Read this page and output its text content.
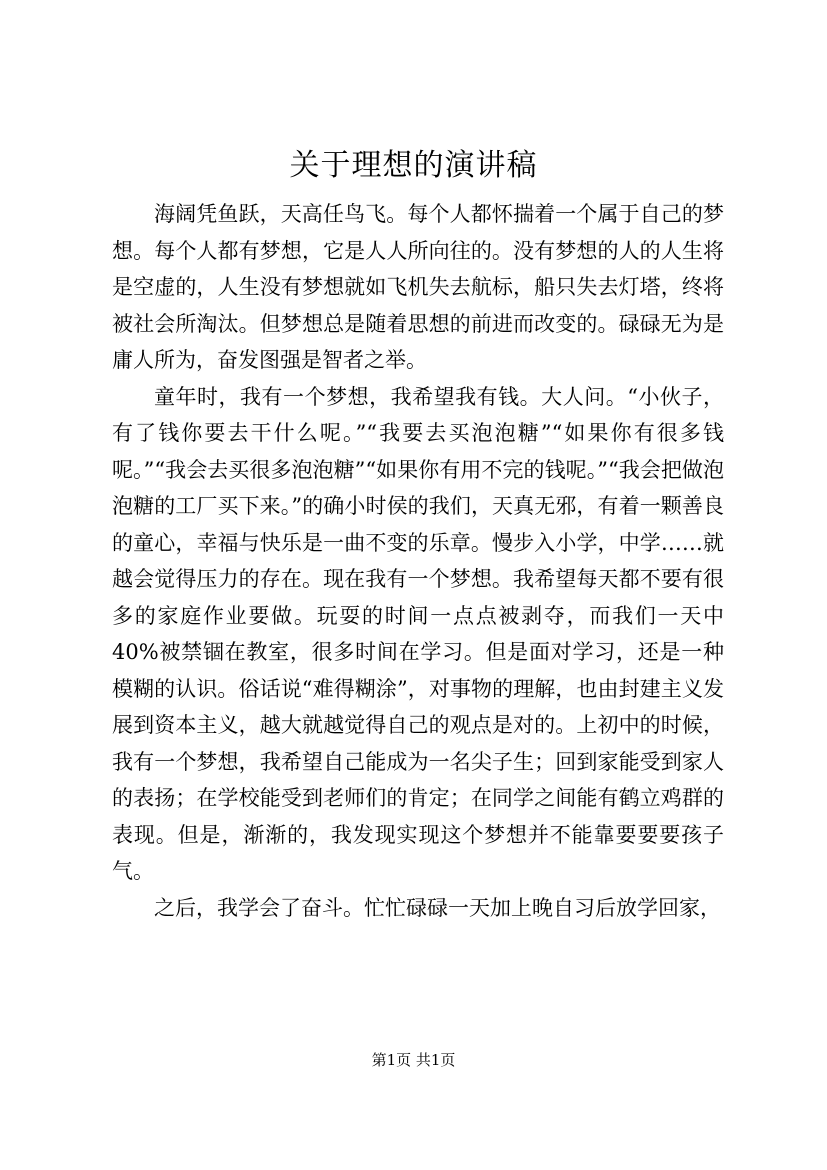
关于理想的演讲稿

海阔凭鱼跃，天高任鸟飞。每个人都怀揣着一个属于自己的梦想。每个人都有梦想，它是人人所向往的。没有梦想的人的人生将是空虚的，人生没有梦想就如飞机失去航标，船只失去灯塔，终将被社会所淘汰。但梦想总是随着思想的前进而改变的。碌碌无为是庸人所为，奋发图强是智者之举。

童年时，我有一个梦想，我希望我有钱。大人问。“小伙子，有了钱你要去干什么呢。”“我要去买泡泡糖”“如果你有很多钱呢。”“我会去买很多泡泡糖”“如果你有用不完的钱呢。”“我会把做泡泡糖的工厂买下来。”的确小时侯的我们，天真无邪，有着一颗善良的童心，幸福与快乐是一曲不变的乐章。慢步入小学，中学……就越会觉得压力的存在。现在我有一个梦想。我希望每天都不要有很多的家庭作业要做。玩耍的时间一点点被剥夺，而我们一天中40%被禁锢在教室，很多时间在学习。但是面对学习，还是一种模糊的认识。俗话说“难得糊涂”，对事物的理解，也由封建主义发展到资本主义，越大就越觉得自己的观点是对的。上初中的时候，我有一个梦想，我希望自己能成为一名尖子生；回到家能受到家人的表扬；在学校能受到老师们的肯定；在同学之间能有鹤立鸡群的表现。但是，渐渐的，我发现实现这个梦想并不能靠要要要孩子气。

之后，我学会了奋斗。忙忙碌碌一天加上晚自习后放学回家，

第1页 共1页
